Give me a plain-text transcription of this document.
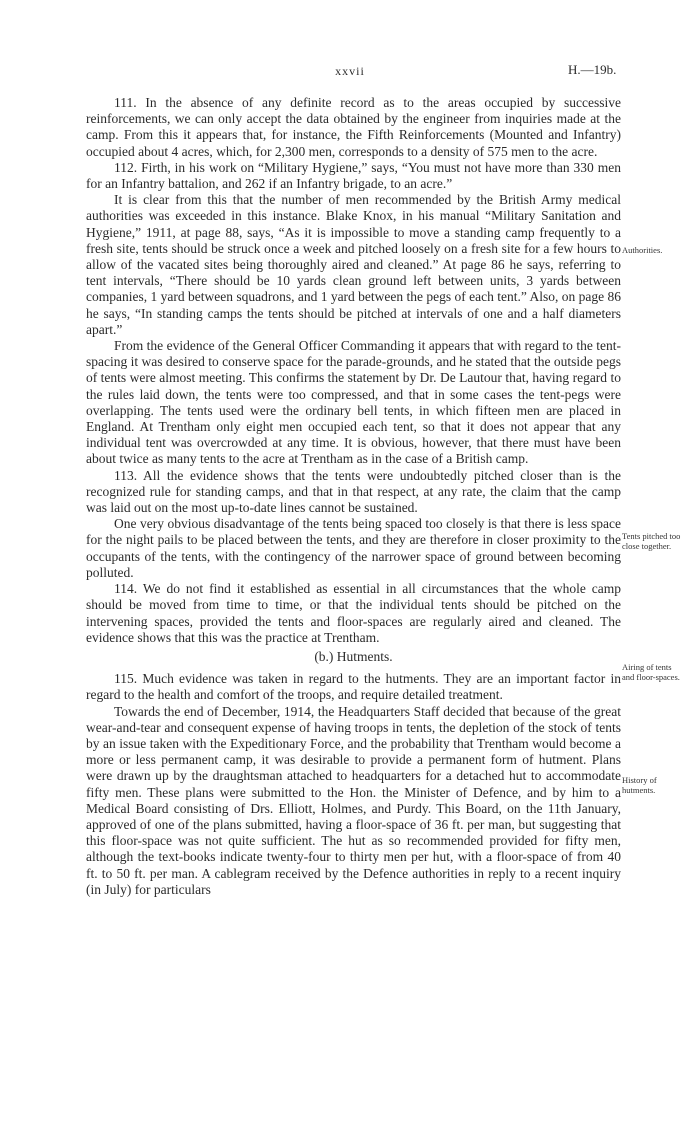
xxvii	H.—19b.

111. In the absence of any definite record as to the areas occupied by successive reinforcements, we can only accept the data obtained by the engineer from inquiries made at the camp. From this it appears that, for instance, the Fifth Reinforcements (Mounted and Infantry) occupied about 4 acres, which, for 2,300 men, corresponds to a density of 575 men to the acre.

112. Firth, in his work on “Military Hygiene,” says, “You must not have more than 330 men for an Infantry battalion, and 262 if an Infantry brigade, to an acre.”

It is clear from this that the number of men recommended by the British Army medical authorities was exceeded in this instance. Blake Knox, in his manual “Military Sanitation and Hygiene,” 1911, at page 88, says, “As it is impossible to move a standing camp frequently to a fresh site, tents should be struck once a week and pitched loosely on a fresh site for a few hours to allow of the vacated sites being thoroughly aired and cleaned.” At page 86 he says, referring to tent intervals, “There should be 10 yards clean ground left between units, 3 yards between companies, 1 yard between squadrons, and 1 yard between the pegs of each tent.” Also, on page 86 he says, “In standing camps the tents should be pitched at intervals of one and a half diameters apart.”

From the evidence of the General Officer Commanding it appears that with regard to the tent-spacing it was desired to conserve space for the parade-grounds, and he stated that the outside pegs of tents were almost meeting. This confirms the statement by Dr. De Lautour that, having regard to the rules laid down, the tents were too compressed, and that in some cases the tent-pegs were overlapping. The tents used were the ordinary bell tents, in which fifteen men are placed in England. At Trentham only eight men occupied each tent, so that it does not appear that any individual tent was overcrowded at any time. It is obvious, however, that there must have been about twice as many tents to the acre at Trentham as in the case of a British camp.

113. All the evidence shows that the tents were undoubtedly pitched closer than is the recognized rule for standing camps, and that in that respect, at any rate, the claim that the camp was laid out on the most up-to-date lines cannot be sustained.

One very obvious disadvantage of the tents being spaced too closely is that there is less space for the night pails to be placed between the tents, and they are therefore in closer proximity to the occupants of the tents, with the contingency of the narrower space of ground between becoming polluted.

114. We do not find it established as essential in all circumstances that the whole camp should be moved from time to time, or that the individual tents should be pitched on the intervening spaces, provided the tents and floor-spaces are regularly aired and cleaned. The evidence shows that this was the practice at Trentham.

(b.) Hutments.

115. Much evidence was taken in regard to the hutments. They are an important factor in regard to the health and comfort of the troops, and require detailed treatment.

Towards the end of December, 1914, the Headquarters Staff decided that because of the great wear-and-tear and consequent expense of having troops in tents, the depletion of the stock of tents by an issue taken with the Expeditionary Force, and the probability that Trentham would become a more or less permanent camp, it was desirable to provide a permanent form of hutment. Plans were drawn up by the draughtsman attached to headquarters for a detached hut to accommodate fifty men. These plans were submitted to the Hon. the Minister of Defence, and by him to a Medical Board consisting of Drs. Elliott, Holmes, and Purdy. This Board, on the 11th January, approved of one of the plans submitted, having a floor-space of 36 ft. per man, but suggesting that this floor-space was not quite sufficient. The hut as so recommended provided for fifty men, although the text-books indicate twenty-four to thirty men per hut, with a floor-space of from 40 ft. to 50 ft. per man. A cablegram received by the Defence authorities in reply to a recent inquiry (in July) for particulars

Authorities.
Tents pitched too close together.
Airing of tents and floor-spaces.
History of hutments.
